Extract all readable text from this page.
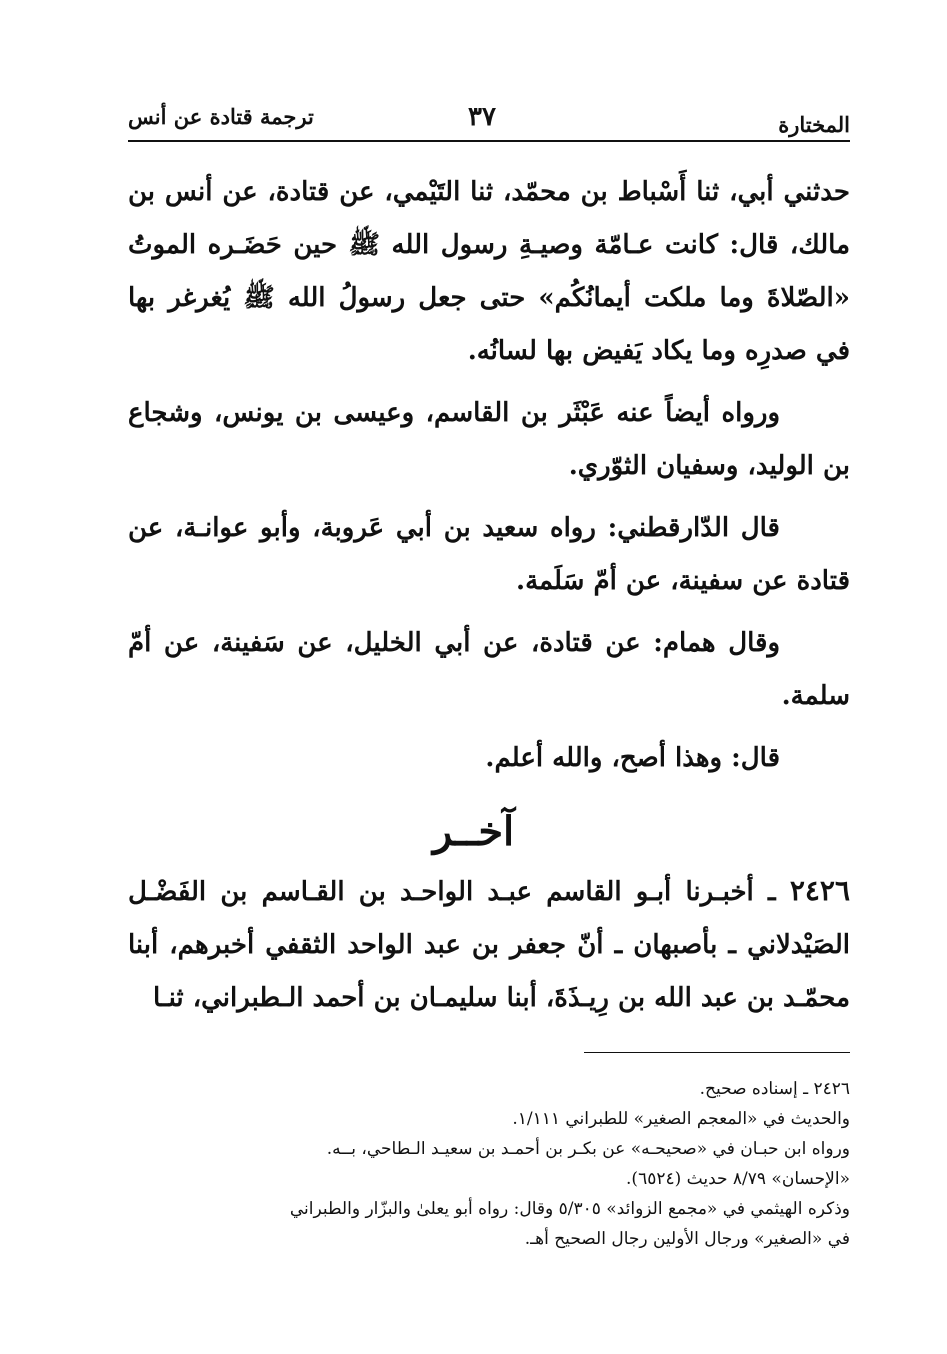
المختارة
٣٧
ترجمة قتادة عن أنس

حدثني أبي، ثنا أَسْباط بن محمّد، ثنا التَيْمي، عن قتادة، عن أنس بن مالك، قال: كانت عـامّة وصيـةِ رسول الله ﷺ حين حَضَـره الموتُ «الصّلاةَ وما ملكت أيمانُكُم» حتى جعل رسولُ الله ﷺ يُغرغر بها في صدرِه وما يكاد يَفيض بها لسانُه.

ورواه أيضاً عنه عَبْثَر بن القاسم، وعيسى بن يونس، وشجاع بن الوليد، وسفيان الثوّري.

قال الدّارقطني: رواه سعيد بن أبي عَروبة، وأبو عوانـة، عن قتادة عن سفينة، عن أمّ سَلَمة.

وقال همام: عن قتادة، عن أبي الخليل، عن سَفينة، عن أمّ سلمة.

قال: وهذا أصح، والله أعلم.

آخــر

٢٤٢٦ ـ أخبـرنا أبـو القاسم عبـد الواحـد بن القـاسم بن الفَضْـل الصَيْدلاني ـ بأصبهان ـ أنّ جعفر بن عبد الواحد الثقفي أخبرهم، أبنا محمّـد بن عبد الله بن رِيـذَةَ، أبنا سليمـان بن أحمد الـطبراني، ثنـا

٢٤٢٦ ـ إسناده صحيح.

والحديث في «المعجم الصغير» للطبراني ١/١١١.

ورواه ابن حبـان في «صحيحـه» عن بكـر بن أحمـد بن سعيـد الـطاحي، بــه.

«الإحسان» ٨/٧٩ حديث (٦٥٢٤).

وذكره الهيثمي في «مجمع الزوائد» ٥/٣٠٥ وقال: رواه أبو يعلىٰ والبزّار والطبراني

في «الصغير» ورجال الأولين رجال الصحيح أهـ.
